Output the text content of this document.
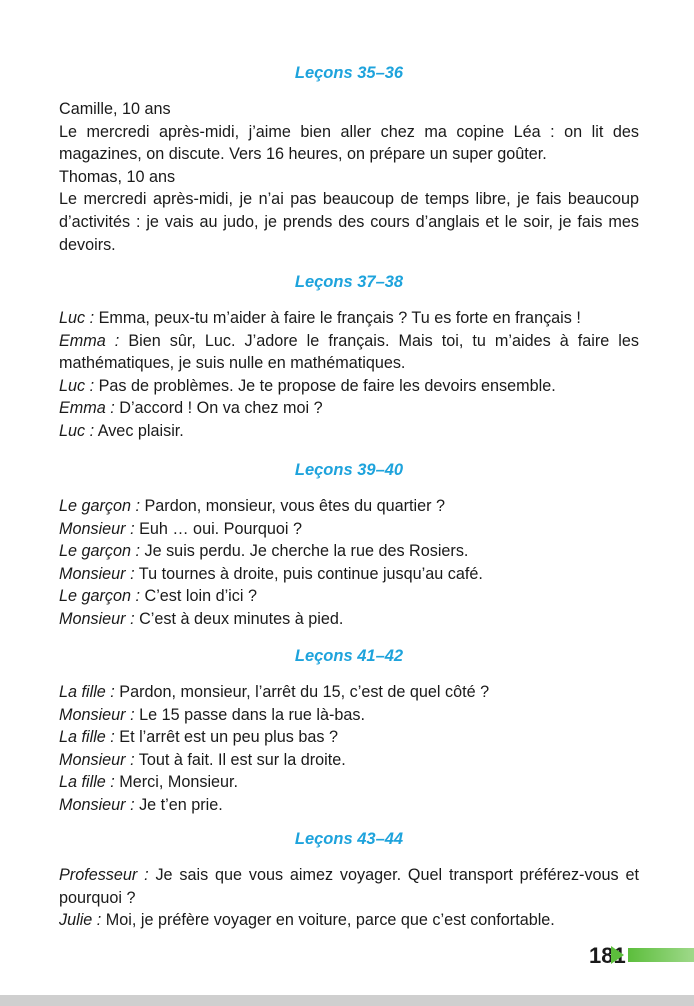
Leçons 35–36
Camille, 10 ans
Le mercredi après-midi, j’aime bien aller chez ma copine Léa : on lit des magazines, on discute. Vers 16 heures, on prépare un super goûter.
Thomas, 10 ans
Le mercredi après-midi, je n’ai pas beaucoup de temps libre, je fais beaucoup d’activités : je vais au judo, je prends des cours d’anglais et le soir, je fais mes devoirs.
Leçons 37–38
Luc : Emma, peux-tu m’aider à faire le français ? Tu es forte en français !
Emma : Bien sûr, Luc. J’adore le français. Mais toi, tu m’aides à faire les mathématiques, je suis nulle en mathématiques.
Luc : Pas de problèmes. Je te propose de faire les devoirs ensemble.
Emma : D’accord ! On va chez moi ?
Luc : Avec plaisir.
Leçons 39–40
Le garçon : Pardon, monsieur, vous êtes du quartier ?
Monsieur : Euh … oui. Pourquoi ?
Le garçon : Je suis perdu. Je cherche la rue des Rosiers.
Monsieur : Tu tournes à droite, puis continue jusqu’au café.
Le garçon : C’est loin d’ici ?
Monsieur : C’est à deux minutes à pied.
Leçons 41–42
La fille : Pardon, monsieur, l’arrêt du 15, c’est de quel côté ?
Monsieur : Le 15 passe dans la rue là-bas.
La fille : Et l’arrêt est un peu plus bas ?
Monsieur : Tout à fait. Il est sur la droite.
La fille : Merci, Monsieur.
Monsieur : Je t’en prie.
Leçons 43–44
Professeur : Je sais que vous aimez voyager. Quel transport préférez-vous et pourquoi ?
Julie : Moi, je préfère voyager en voiture, parce que c’est confortable.
181
